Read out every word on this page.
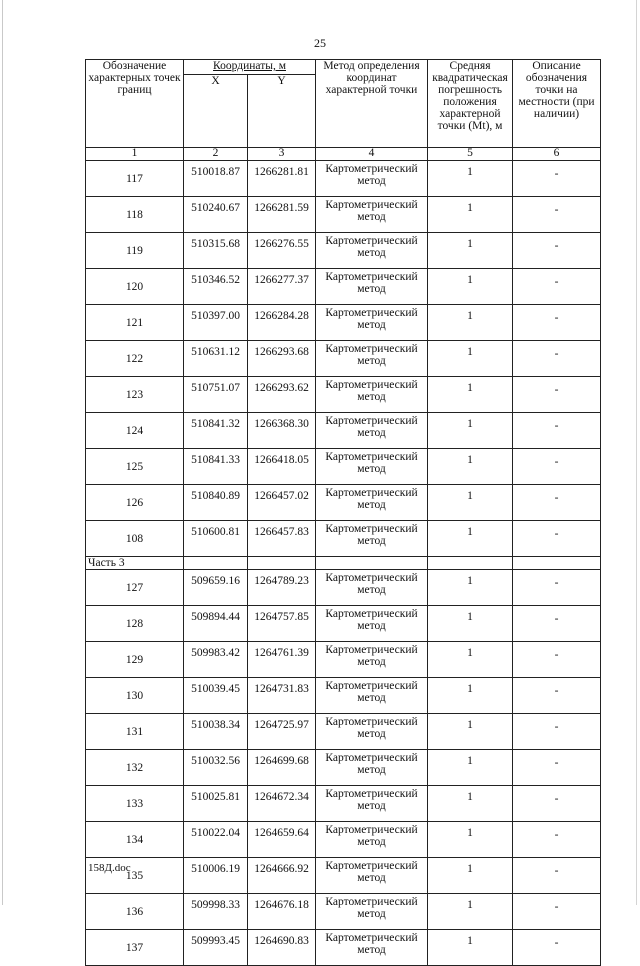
25
Обозначение характерных точек границ	Координаты, м		Метод определения координат характерной точки	Средняя квадратическая погрешность положения характерной точки (Mt), м	Описание обозначения точки на местности (при наличии)
	X	Y			
1	2	3	4	5	6
117	510018.87	1266281.81	Картометрический метод	1	-
118	510240.67	1266281.59	Картометрический метод	1	-
119	510315.68	1266276.55	Картометрический метод	1	-
120	510346.52	1266277.37	Картометрический метод	1	-
121	510397.00	1266284.28	Картометрический метод	1	-
122	510631.12	1266293.68	Картометрический метод	1	-
123	510751.07	1266293.62	Картометрический метод	1	-
124	510841.32	1266368.30	Картометрический метод	1	-
125	510841.33	1266418.05	Картометрический метод	1	-
126	510840.89	1266457.02	Картометрический метод	1	-
108	510600.81	1266457.83	Картометрический метод	1	-
Часть 3					
127	509659.16	1264789.23	Картометрический метод	1	-
128	509894.44	1264757.85	Картометрический метод	1	-
129	509983.42	1264761.39	Картометрический метод	1	-
130	510039.45	1264731.83	Картометрический метод	1	-
131	510038.34	1264725.97	Картометрический метод	1	-
132	510032.56	1264699.68	Картометрический метод	1	-
133	510025.81	1264672.34	Картометрический метод	1	-
134	510022.04	1264659.64	Картометрический метод	1	-
135	510006.19	1264666.92	Картометрический метод	1	-
136	509998.33	1264676.18	Картометрический метод	1	-
137	509993.45	1264690.83	Картометрический метод	1	-
158Д.doc
